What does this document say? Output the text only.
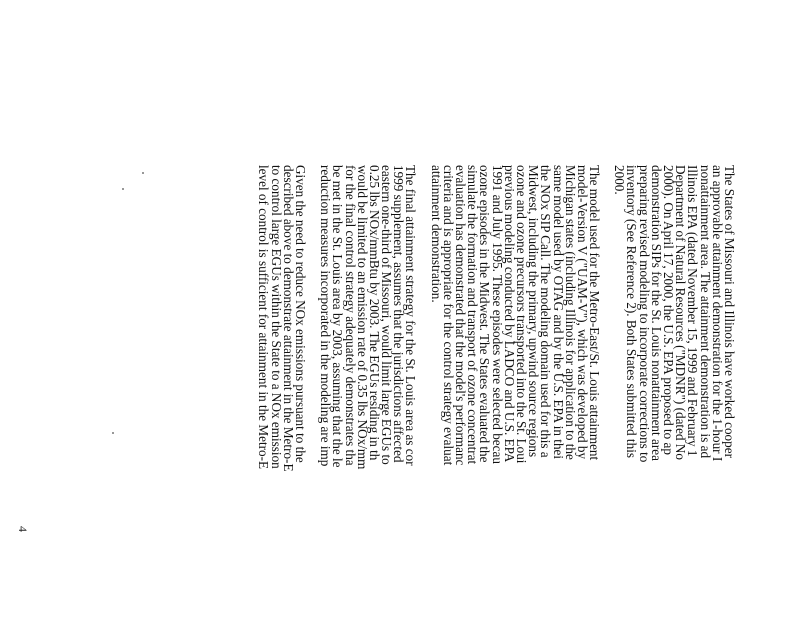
The States of Missouri and Illinois have worked cooper
an approvable attainment demonstration for the 1-hour I
nonattainment area. The attainment demonstration is ad
Illinois EPA (dated November 15, 1999 and February 1
Department of Natural Resources ("MDNR") (dated No
2000). On April 17, 2000, the U.S. EPA proposed to ap
demonstration SIPs for the St. Louis nonattainment area
preparing revised modeling to incorporate corrections to
inventory (See Reference 2). Both States submitted this
2000.
The model used for the Metro-East/St. Louis attainment
model-Version V ("UAM-V"), which was developed by
Michigan states (including Illinois for application to the
same model used by OTAG and by the U.S. EPA in thei
the NOx SIP Call. The modeling domain used for this a
Midwest, including the primary, upwind source regions
ozone and ozone precursors transported into the St. Loui
previous modeling conducted by LADCO and U.S. EPA
1991 and July 1995. These episodes were selected becau
ozone episodes in the Midwest. The States evaluated the
simulate the formation and transport of ozone concentrat
evaluation has demonstrated that the model's performanc
criteria and is appropriate for the control strategy evaluat
attainment demonstration.
The final attainment strategy for the St. Louis area as cor
1999 supplement, assumes that the jurisdictions affected
eastern one-third of Missouri, would limit large EGUs to
0.25 lbs NOx/mmBtu by 2003. The EGUs residing in th
would be limited to an emission rate of 0.35 lbs NOx/mm
for the final control strategy adequately demonstrates tha
be met in the St. Louis area by 2003, assuming that the le
reduction measures incorporated in the modeling are imp
Given the need to reduce NOx emissions pursuant to the
described above to demonstrate attainment in the Metro-E
to control large EGUs within the State to a NOx emission
level of control is sufficient for attainment in the Metro-E
4
